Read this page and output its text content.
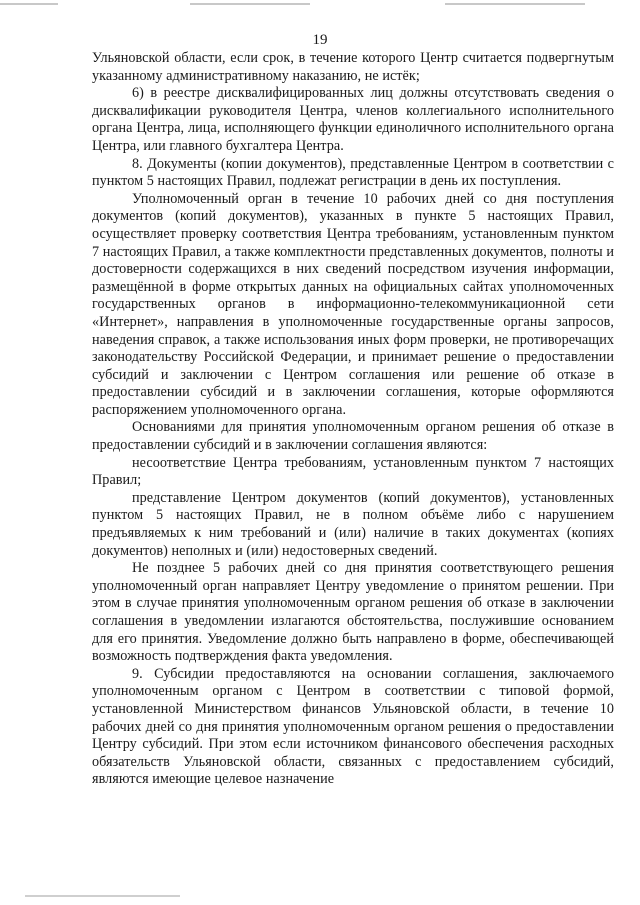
19

Ульяновской области, если срок, в течение которого Центр считается подвергнутым указанному административному наказанию, не истёк;

6) в реестре дисквалифицированных лиц должны отсутствовать сведения о дисквалификации руководителя Центра, членов коллегиального исполнительного органа Центра, лица, исполняющего функции единоличного исполнительного органа Центра, или главного бухгалтера Центра.

8. Документы (копии документов), представленные Центром в соответствии с пунктом 5 настоящих Правил, подлежат регистрации в день их поступления.

Уполномоченный орган в течение 10 рабочих дней со дня поступления документов (копий документов), указанных в пункте 5 настоящих Правил, осуществляет проверку соответствия Центра требованиям, установленным пунктом 7 настоящих Правил, а также комплектности представленных документов, полноты и достоверности содержащихся в них сведений посредством изучения информации, размещённой в форме открытых данных на официальных сайтах уполномоченных государственных органов в информационно-телекоммуникационной сети «Интернет», направления в уполномоченные государственные органы запросов, наведения справок, а также использования иных форм проверки, не противоречащих законодательству Российской Федерации, и принимает решение о предоставлении субсидий и заключении с Центром соглашения или решение об отказе в предоставлении субсидий и в заключении соглашения, которые оформляются распоряжением уполномоченного органа.

Основаниями для принятия уполномоченным органом решения об отказе в предоставлении субсидий и в заключении соглашения являются:

несоответствие Центра требованиям, установленным пунктом 7 настоящих Правил;

представление Центром документов (копий документов), установленных пунктом 5 настоящих Правил, не в полном объёме либо с нарушением предъявляемых к ним требований и (или) наличие в таких документах (копиях документов) неполных и (или) недостоверных сведений.

Не позднее 5 рабочих дней со дня принятия соответствующего решения уполномоченный орган направляет Центру уведомление о принятом решении. При этом в случае принятия уполномоченным органом решения об отказе в заключении соглашения в уведомлении излагаются обстоятельства, послужившие основанием для его принятия. Уведомление должно быть направлено в форме, обеспечивающей возможность подтверждения факта уведомления.

9. Субсидии предоставляются на основании соглашения, заключаемого уполномоченным органом с Центром в соответствии с типовой формой, установленной Министерством финансов Ульяновской области, в течение 10 рабочих дней со дня принятия уполномоченным органом решения о предоставлении Центру субсидий. При этом если источником финансового обеспечения расходных обязательств Ульяновской области, связанных с предоставлением субсидий, являются имеющие целевое назначение
